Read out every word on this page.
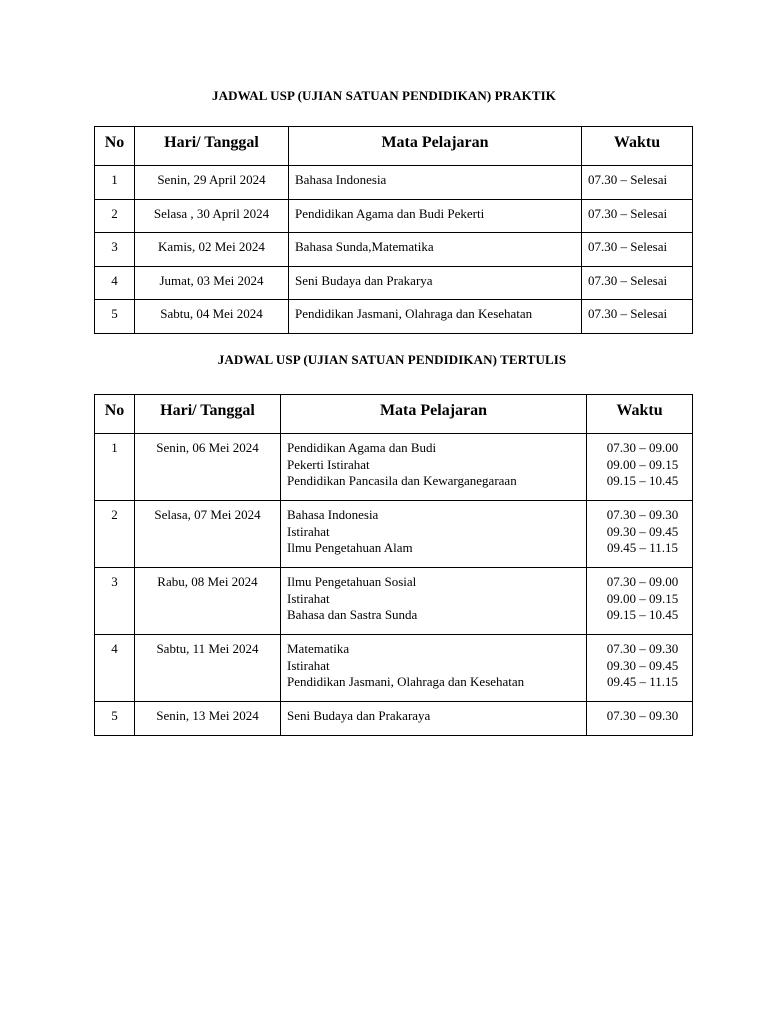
JADWAL USP (UJIAN SATUAN PENDIDIKAN) PRAKTIK
No	Hari/ Tanggal	Mata Pelajaran	Waktu
1	Senin, 29 April 2024	Bahasa Indonesia	07.30 – Selesai
2	Selasa , 30 April 2024	Pendidikan Agama dan Budi Pekerti	07.30 – Selesai
3	Kamis, 02 Mei 2024	Bahasa Sunda,Matematika	07.30 – Selesai
4	Jumat, 03 Mei 2024	Seni Budaya dan Prakarya	07.30 – Selesai
5	Sabtu, 04 Mei 2024	Pendidikan Jasmani, Olahraga dan Kesehatan	07.30 – Selesai
JADWAL USP (UJIAN SATUAN PENDIDIKAN) TERTULIS
No	Hari/ Tanggal	Mata Pelajaran	Waktu
1	Senin, 06 Mei 2024	Pendidikan Agama dan Budi
Pekerti Istirahat
Pendidikan Pancasila dan Kewarganegaraan	07.30 – 09.00
09.00 – 09.15
09.15 – 10.45

2	Selasa, 07 Mei 2024	Bahasa Indonesia
Istirahat
Ilmu Pengetahuan Alam	07.30 – 09.30
09.30 – 09.45
09.45 – 11.15

3	Rabu, 08 Mei 2024	Ilmu Pengetahuan Sosial
Istirahat
Bahasa dan Sastra Sunda	07.30 – 09.00
09.00 – 09.15
09.15 – 10.45

4	Sabtu, 11 Mei 2024	Matematika
Istirahat
Pendidikan Jasmani, Olahraga dan Kesehatan	07.30 – 09.30
09.30 – 09.45
09.45 – 11.15

5	Senin, 13 Mei 2024	Seni Budaya dan Prakaraya	07.30 – 09.30
